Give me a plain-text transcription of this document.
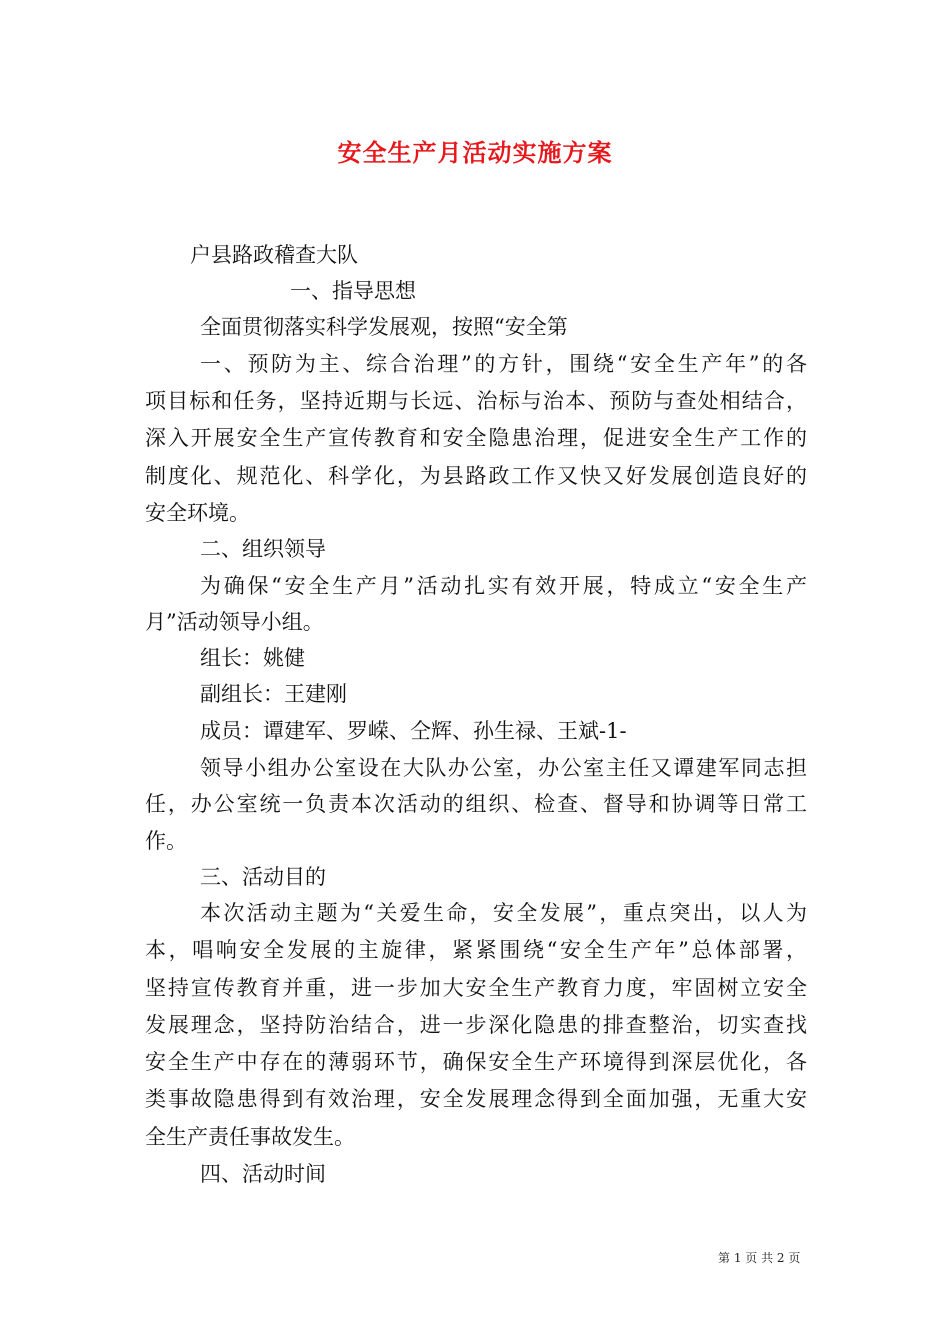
安全生产月活动实施方案
户县路政稽查大队
一、指导思想
全面贯彻落实科学发展观，按照“安全第
一、预防为主、综合治理”的方针，围绕“安全生产年”的各
项目标和任务，坚持近期与长远、治标与治本、预防与查处相结合，
深入开展安全生产宣传教育和安全隐患治理，促进安全生产工作的
制度化、规范化、科学化，为县路政工作又快又好发展创造良好的
安全环境。
二、组织领导
为确保“安全生产月”活动扎实有效开展，特成立“安全生产
月”活动领导小组。
组长：姚健
副组长：王建刚
成员：谭建军、罗嵘、仝辉、孙生禄、王斌-1-
领导小组办公室设在大队办公室，办公室主任又谭建军同志担
任，办公室统一负责本次活动的组织、检查、督导和协调等日常工
作。
三、活动目的
本次活动主题为“关爱生命，安全发展”，重点突出，以人为
本，唱响安全发展的主旋律，紧紧围绕“安全生产年”总体部署，
坚持宣传教育并重，进一步加大安全生产教育力度，牢固树立安全
发展理念，坚持防治结合，进一步深化隐患的排查整治，切实查找
安全生产中存在的薄弱环节，确保安全生产环境得到深层优化，各
类事故隐患得到有效治理，安全发展理念得到全面加强，无重大安
全生产责任事故发生。
四、活动时间
第 1 页 共 2 页
